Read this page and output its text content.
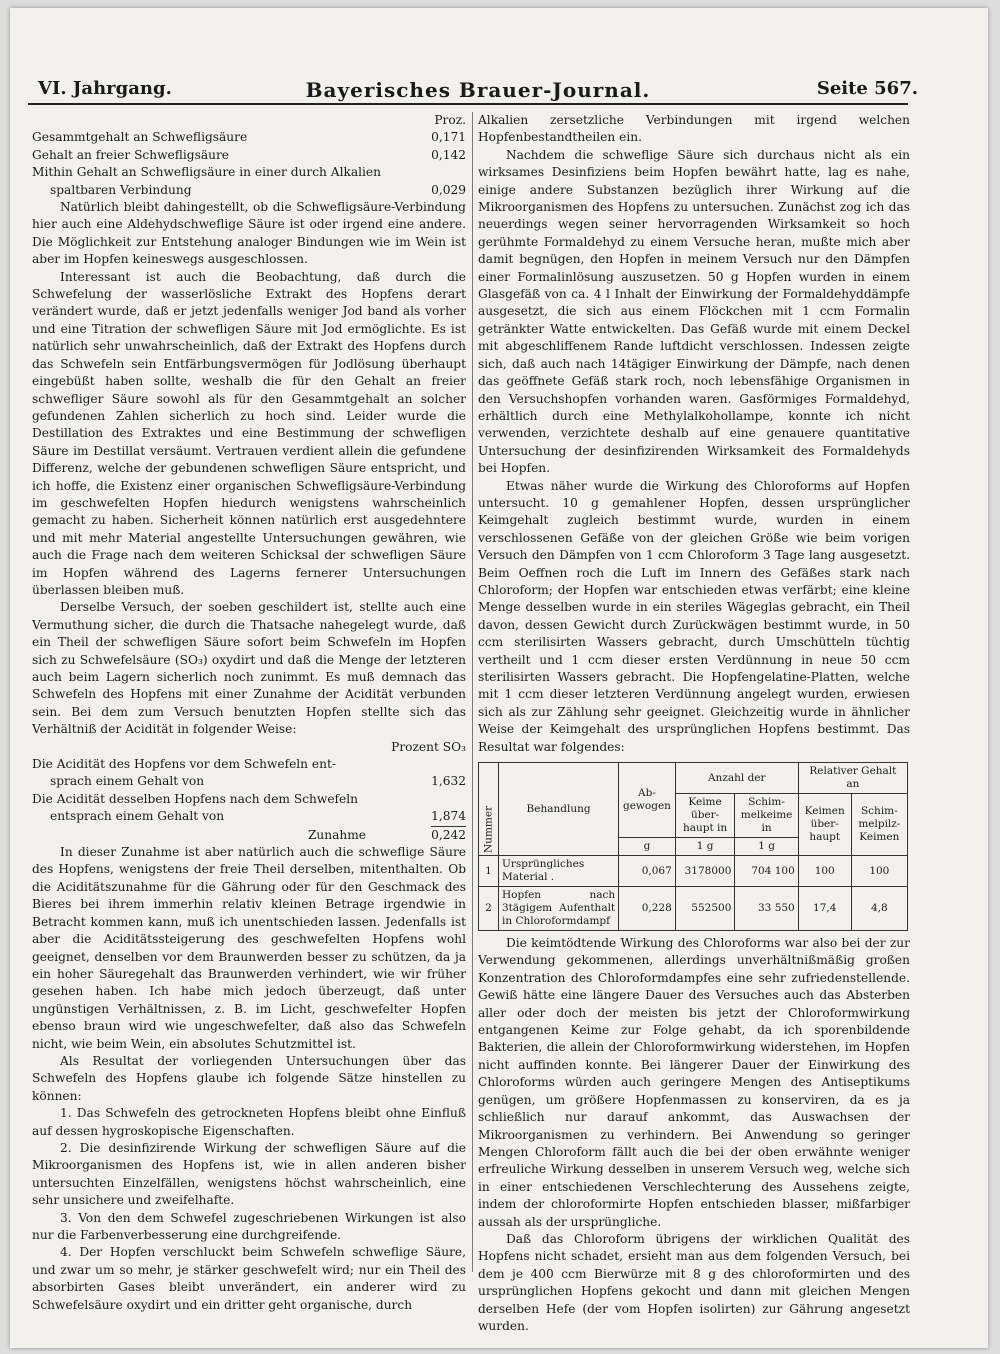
Bayerisches Brauer-Journal.
VI. Jahrgang.	Seite 567.
Proz.
Gesammtgehalt an Schwefligsäure	0,171
Gehalt an freier Schwefligsäure	0,142
Mithin Gehalt an Schwefligsäure in einer durch Alkalien
spaltbaren Verbindung	0,029

Natürlich bleibt dahingestellt, ob die Schwefligsäure-Verbindung hier auch eine Aldehydschweflige Säure ist oder irgend eine andere. Die Möglichkeit zur Entstehung analoger Bindungen wie im Wein ist aber im Hopfen keineswegs ausgeschlossen.

Interessant ist auch die Beobachtung, daß durch die Schwefelung der wasserlösliche Extrakt des Hopfens derart verändert wurde, daß er jetzt jedenfalls weniger Jod band als vorher und eine Titration der schwefligen Säure mit Jod ermöglichte. Es ist natürlich sehr unwahrscheinlich, daß der Extrakt des Hopfens durch das Schwefeln sein Entfärbungsvermögen für Jodlösung überhaupt eingebüßt haben sollte, weshalb die für den Gehalt an freier schwefliger Säure sowohl als für den Gesammtgehalt an solcher gefundenen Zahlen sicherlich zu hoch sind. Leider wurde die Destillation des Extraktes und eine Bestimmung der schwefligen Säure im Destillat versäumt. Vertrauen verdient allein die gefundene Differenz, welche der gebundenen schwefligen Säure entspricht, und ich hoffe, die Existenz einer organischen Schwefligsäure-Verbindung im geschwefelten Hopfen hiedurch wenigstens wahrscheinlich gemacht zu haben. Sicherheit können natürlich erst ausgedehntere und mit mehr Material angestellte Untersuchungen gewähren, wie auch die Frage nach dem weiteren Schicksal der schwefligen Säure im Hopfen während des Lagerns fernerer Untersuchungen überlassen bleiben muß.

Derselbe Versuch, der soeben geschildert ist, stellte auch eine Vermuthung sicher, die durch die Thatsache nahegelegt wurde, daß ein Theil der schwefligen Säure sofort beim Schwefeln im Hopfen sich zu Schwefelsäure (SO₃) oxydirt und daß die Menge der letzteren auch beim Lagern sicherlich noch zunimmt. Es muß demnach das Schwefeln des Hopfens mit einer Zunahme der Acidität verbunden sein. Bei dem zum Versuch benutzten Hopfen stellte sich das Verhältniß der Acidität in folgender Weise:

Prozent SO₃
Die Acidität des Hopfens vor dem Schwefeln ent-
sprach einem Gehalt von	1,632
Die Acidität desselben Hopfens nach dem Schwefeln
entsprach einem Gehalt von	1,874
Zunahme	0,242

In dieser Zunahme ist aber natürlich auch die schweflige Säure des Hopfens, wenigstens der freie Theil derselben, mitenthalten. Ob die Aciditätszunahme für die Gährung oder für den Geschmack des Bieres bei ihrem immerhin relativ kleinen Betrage irgendwie in Betracht kommen kann, muß ich unentschieden lassen. Jedenfalls ist aber die Aciditätssteigerung des geschwefelten Hopfens wohl geeignet, denselben vor dem Braunwerden besser zu schützen, da ja ein hoher Säuregehalt das Braunwerden verhindert, wie wir früher gesehen haben. Ich habe mich jedoch überzeugt, daß unter ungünstigen Verhältnissen, z. B. im Licht, geschwefelter Hopfen ebenso braun wird wie ungeschwefelter, daß also das Schwefeln nicht, wie beim Wein, ein absolutes Schutzmittel ist.

Als Resultat der vorliegenden Untersuchungen über das Schwefeln des Hopfens glaube ich folgende Sätze hinstellen zu können:

1. Das Schwefeln des getrockneten Hopfens bleibt ohne Einfluß auf dessen hygroskopische Eigenschaften.

2. Die desinfizirende Wirkung der schwefligen Säure auf die Mikroorganismen des Hopfens ist, wie in allen anderen bisher untersuchten Einzelfällen, wenigstens höchst wahrscheinlich, eine sehr unsichere und zweifelhafte.

3. Von den dem Schwefel zugeschriebenen Wirkungen ist also nur die Farbenverbesserung eine durchgreifende.

4. Der Hopfen verschluckt beim Schwefeln schweflige Säure, und zwar um so mehr, je stärker geschwefelt wird; nur ein Theil des absorbirten Gases bleibt unverändert, ein anderer wird zu Schwefelsäure oxydirt und ein dritter geht organische, durch

Alkalien zersetzliche Verbindungen mit irgend welchen Hopfenbestandtheilen ein.

Nachdem die schweflige Säure sich durchaus nicht als ein wirksames Desinfiziens beim Hopfen bewährt hatte, lag es nahe, einige andere Substanzen bezüglich ihrer Wirkung auf die Mikroorganismen des Hopfens zu untersuchen. Zunächst zog ich das neuerdings wegen seiner hervorragenden Wirksamkeit so hoch gerühmte Formaldehyd zu einem Versuche heran, mußte mich aber damit begnügen, den Hopfen in meinem Versuch nur den Dämpfen einer Formalinlösung auszusetzen. 50 g Hopfen wurden in einem Glasgefäß von ca. 4 l Inhalt der Einwirkung der Formaldehyddämpfe ausgesetzt, die sich aus einem Flöckchen mit 1 ccm Formalin getränkter Watte entwickelten. Das Gefäß wurde mit einem Deckel mit abgeschliffenem Rande luftdicht verschlossen. Indessen zeigte sich, daß auch nach 14tägiger Einwirkung der Dämpfe, nach denen das geöffnete Gefäß stark roch, noch lebensfähige Organismen in den Versuchshopfen vorhanden waren. Gasförmiges Formaldehyd, erhältlich durch eine Methylalkohollampe, konnte ich nicht verwenden, verzichtete deshalb auf eine genauere quantitative Untersuchung der desinfizirenden Wirksamkeit des Formaldehyds bei Hopfen.

Etwas näher wurde die Wirkung des Chloroforms auf Hopfen untersucht. 10 g gemahlener Hopfen, dessen ursprünglicher Keimgehalt zugleich bestimmt wurde, wurden in einem verschlossenen Gefäße von der gleichen Größe wie beim vorigen Versuch den Dämpfen von 1 ccm Chloroform 3 Tage lang ausgesetzt. Beim Oeffnen roch die Luft im Innern des Gefäßes stark nach Chloroform; der Hopfen war entschieden etwas verfärbt; eine kleine Menge desselben wurde in ein steriles Wägeglas gebracht, ein Theil davon, dessen Gewicht durch Zurückwägen bestimmt wurde, in 50 ccm sterilisirten Wassers gebracht, durch Umschütteln tüchtig vertheilt und 1 ccm dieser ersten Verdünnung in neue 50 ccm sterilisirten Wassers gebracht. Die Hopfengelatine-Platten, welche mit 1 ccm dieser letzteren Verdünnung angelegt wurden, erwiesen sich als zur Zählung sehr geeignet. Gleichzeitig wurde in ähnlicher Weise der Keimgehalt des ursprünglichen Hopfens bestimmt. Das Resultat war folgendes:

Nummer	Behandlung	Ab-gewogen	Anzahl der		Relativer Gehalt an	
			Keime über-haupt in	Schim-melkeime in	Keimen über-haupt	Schim-melpilz-Keimen
		g	1 g	1 g		
1	Ursprüngliches Material .	0,067	3178000	704 100	100	100
2	Hopfen nach 3tägigem Aufenthalt in Chloroformdampf	0,228	552500	33 550	17,4	4,8

Die keimtödtende Wirkung des Chloroforms war also bei der zur Verwendung gekommenen, allerdings unverhältnißmäßig großen Konzentration des Chloroformdampfes eine sehr zufriedenstellende. Gewiß hätte eine längere Dauer des Versuches auch das Absterben aller oder doch der meisten bis jetzt der Chloroformwirkung entgangenen Keime zur Folge gehabt, da ich sporenbildende Bakterien, die allein der Chloroformwirkung widerstehen, im Hopfen nicht auffinden konnte. Bei längerer Dauer der Einwirkung des Chloroforms würden auch geringere Mengen des Antiseptikums genügen, um größere Hopfenmassen zu konserviren, da es ja schließlich nur darauf ankommt, das Auswachsen der Mikroorganismen zu verhindern. Bei Anwendung so geringer Mengen Chloroform fällt auch die bei der oben erwähnte weniger erfreuliche Wirkung desselben in unserem Versuch weg, welche sich in einer entschiedenen Verschlechterung des Aussehens zeigte, indem der chloroformirte Hopfen entschieden blasser, mißfarbiger aussah als der ursprüngliche.

Daß das Chloroform übrigens der wirklichen Qualität des Hopfens nicht schadet, ersieht man aus dem folgenden Versuch, bei dem je 400 ccm Bierwürze mit 8 g des chloroformirten und des ursprünglichen Hopfens gekocht und dann mit gleichen Mengen derselben Hefe (der vom Hopfen isolirten) zur Gährung angesetzt wurden.
